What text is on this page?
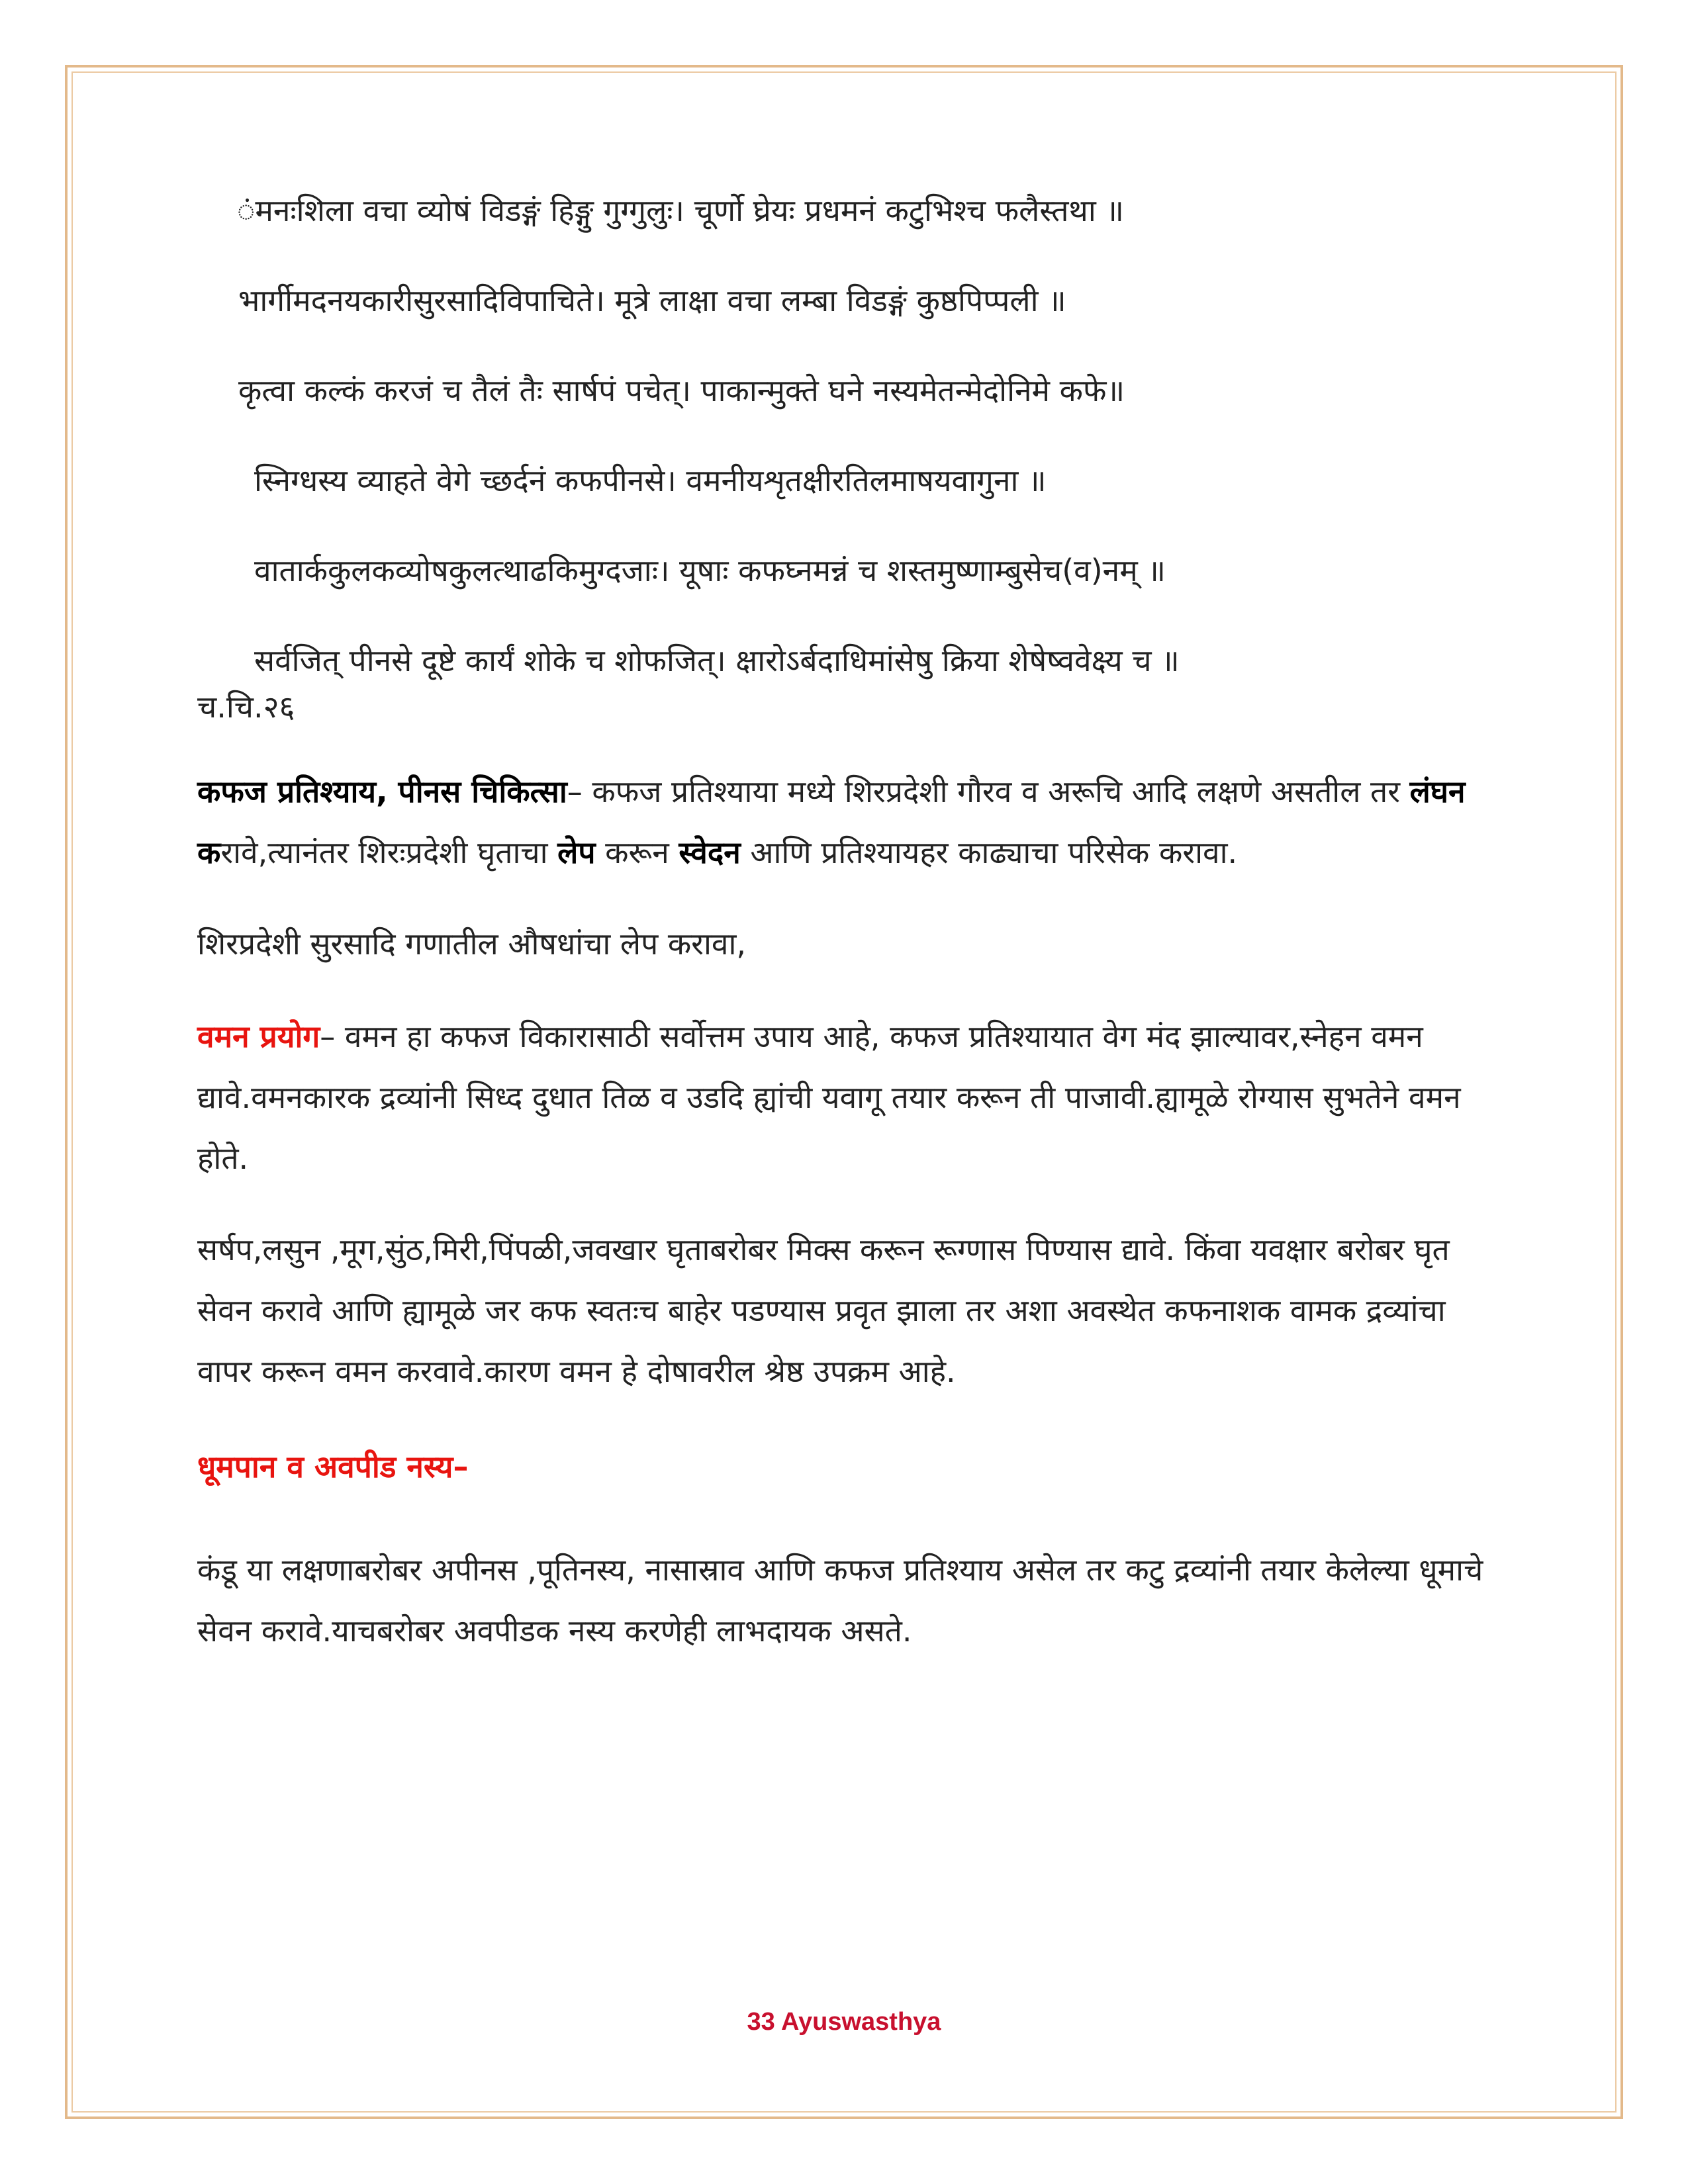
ंमनःशिला वचा व्योषं विडङ्गं हिङ्गु गुग्गुलुः। चूर्णो घ्रेयः प्रधमनं कटुभिश्च फलैस्तथा ॥

भार्गीमदनयकारीसुरसादिविपाचिते। मूत्रे लाक्षा वचा लम्बा विडङ्गं कुष्ठपिप्पली ॥

कृत्वा कल्कं करजं च तैलं तैः सार्षपं पचेत्। पाकान्मुक्ते घने नस्यमेतन्मेदोनिमे कफे॥

स्निग्धस्य व्याहते वेगे च्छर्दनं कफपीनसे। वमनीयशृतक्षीरतिलमाषयवागुना ॥

वातार्ककुलकव्योषकुलत्थाढकिमुग्दजाः। यूषाः कफघ्नमन्नं च शस्तमुष्णाम्बुसेच(व)नम् ॥

सर्वजित् पीनसे दूष्टे कार्यं शोके च शोफजित्। क्षारोऽर्बदाधिमांसेषु क्रिया शेषेष्ववेक्ष्य च ॥

च.चि.२६

कफज प्रतिश्याय, पीनस चिकित्सा– कफज प्रतिश्याया मध्ये शिरप्रदेशी गौरव व अरूचि आदि लक्षणे असतील तर लंघन करावे,त्यानंतर शिरःप्रदेशी घृताचा लेप करून स्वेदन आणि प्रतिश्यायहर काढ्याचा परिसेक करावा.

शिरप्रदेशी सुरसादि गणातील औषधांचा लेप करावा,

वमन प्रयोग– वमन हा कफज विकारासाठी सर्वोत्तम उपाय आहे, कफज प्रतिश्यायात वेग मंद झाल्यावर,स्नेहन वमन द्यावे.वमनकारक द्रव्यांनी सिध्द दुधात तिळ व उडदि ह्यांची यवागू तयार करून ती पाजावी.ह्यामूळे रोग्यास सुभतेने वमन होते.

सर्षप,लसुन ,मूग,सुंठ,मिरी,पिंपळी,जवखार घृताबरोबर मिक्स करून रूग्णास पिण्यास द्यावे. किंवा यवक्षार बरोबर घृत सेवन करावे आणि ह्यामूळे जर कफ स्वतःच बाहेर पडण्यास प्रवृत झाला तर अशा अवस्थेत कफनाशक वामक द्रव्यांचा वापर करून वमन करवावे.कारण वमन हे दोषावरील श्रेष्ठ उपक्रम आहे.

धूमपान व अवपीड नस्य–

कंडू या लक्षणाबरोबर अपीनस ,पूतिनस्य, नासास्राव आणि कफज प्रतिश्याय असेल तर कटु द्रव्यांनी तयार केलेल्या धूमाचे सेवन करावे.याचबरोबर अवपीडक नस्य करणेही लाभदायक असते.

33 Ayuswasthya
